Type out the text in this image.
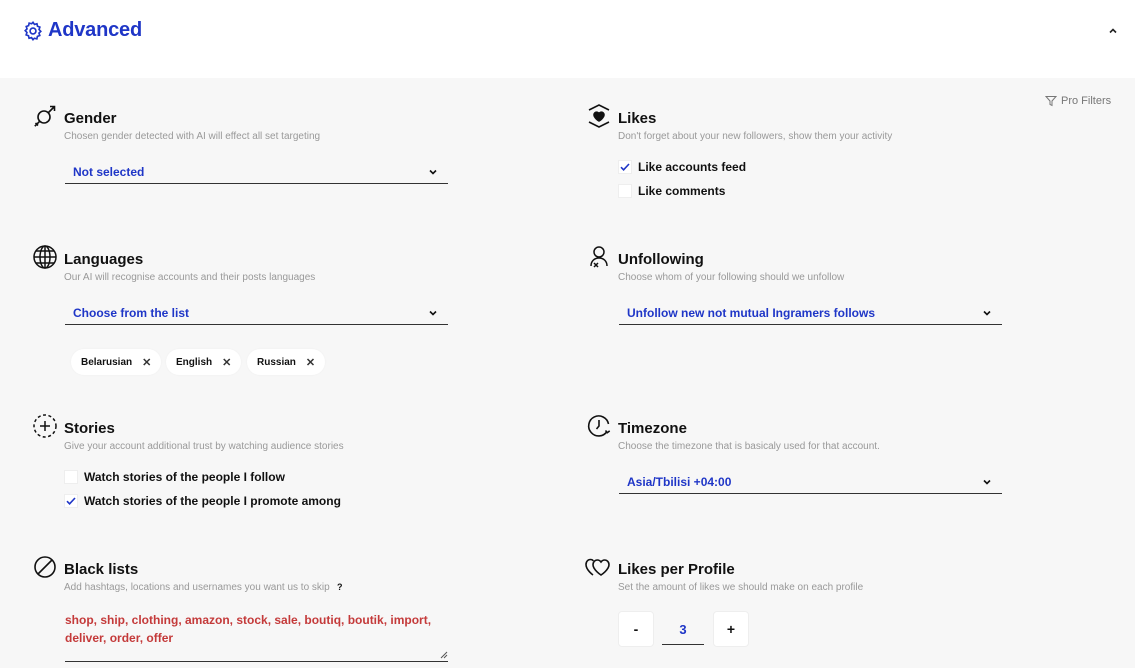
Advanced
Pro Filters
Gender
Chosen gender detected with AI will effect all set targeting
Not selected
Likes
Don't forget about your new followers, show them your activity
Like accounts feed
Like comments
Languages
Our AI will recognise accounts and their posts languages
Choose from the list
Belarusian ✕ English ✕	Russian ✕
Unfollowing
Choose whom of your following should we unfollow
Unfollow new not mutual Ingramers follows
Stories
Give your account additional trust by watching audience stories
Watch stories of the people I follow
Watch stories of the people I promote among
Timezone
Choose the timezone that is basicaly used for that account.
Asia/Tbilisi +04:00
Black lists
Add hashtags, locations and usernames you want us to skip ?
shop, ship, clothing, amazon, stock, sale, boutiq, boutik, import, deliver, order, offer
Likes per Profile
Set the amount of likes we should make on each profile
-	3	+
